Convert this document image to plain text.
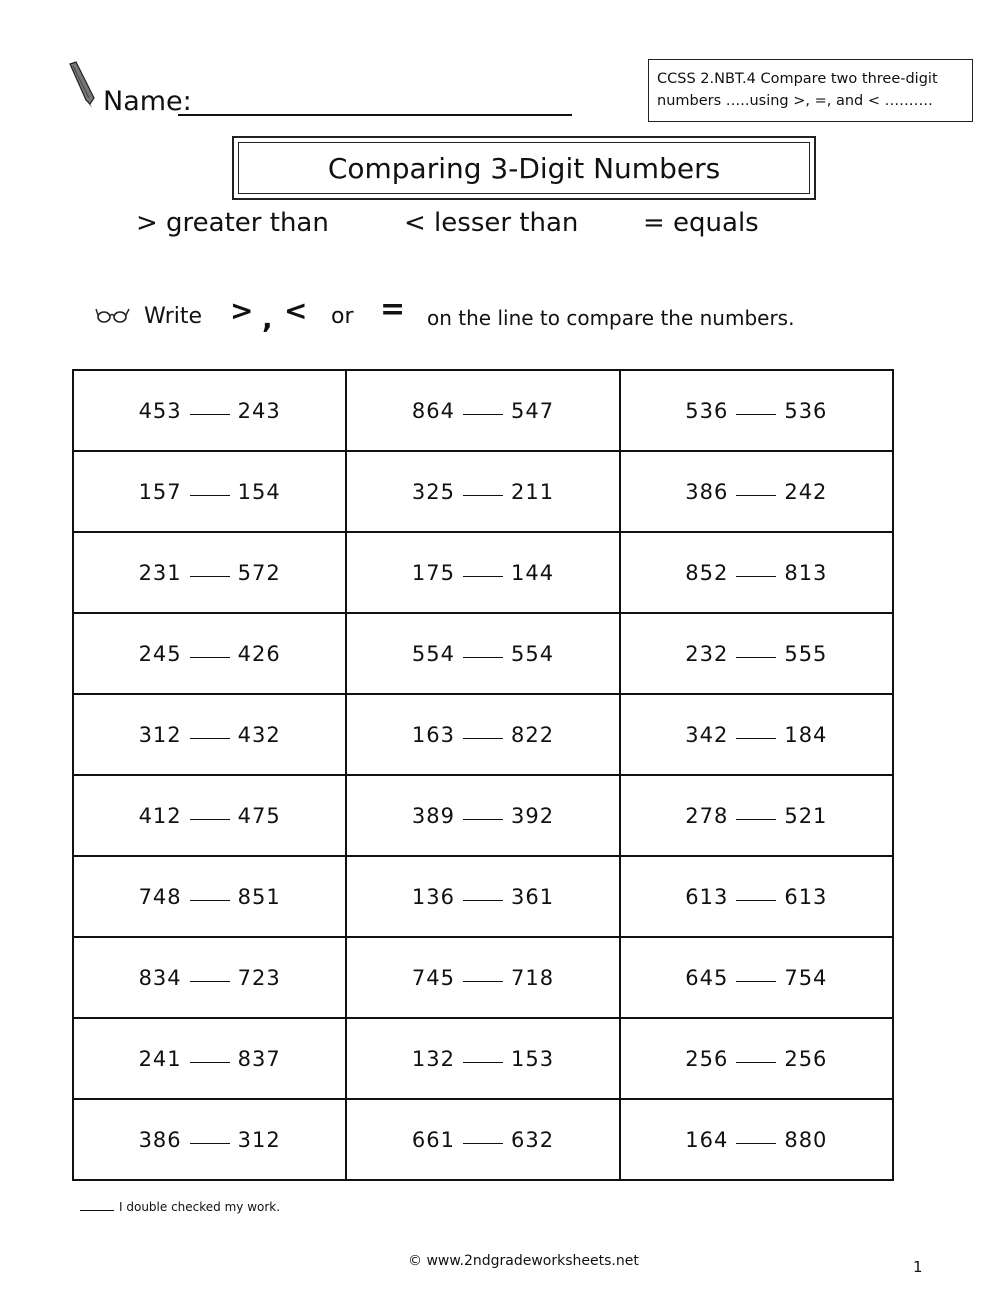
Name:
CCSS 2.NBT.4 Compare two three-digit
numbers …..using >, =, and < ……….
Comparing 3-Digit Numbers
> greater than	< lesser than = equals
Write > , < or = on the line to compare the numbers.
453 243	864 547	536 536
157 154	325 211	386 242
231 572	175 144	852 813
245 426	554 554	232 555
312 432	163 822	342 184
412 475	389 392	278 521
748 851	136 361	613 613
834 723	745 718	645 754
241 837	132 153	256 256
386 312	661 632	164 880
I double checked my work.
© www.2ndgradeworksheets.net	1
